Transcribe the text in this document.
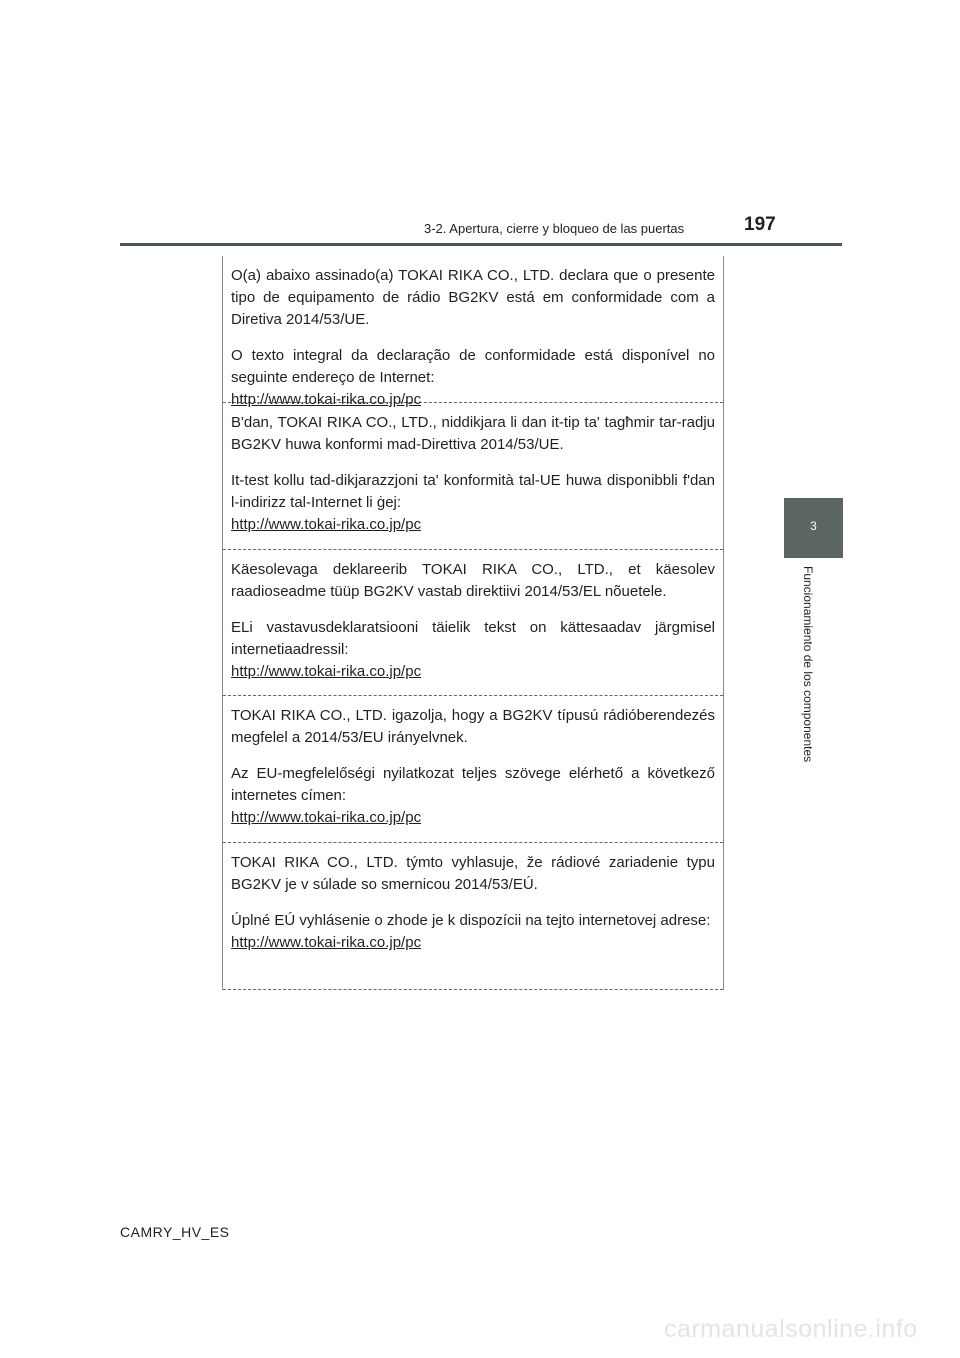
3-2. Apertura, cierre y bloqueo de las puertas	197
3
Funcionamiento de los componentes

O(a) abaixo assinado(a) TOKAI RIKA CO., LTD. declara que o presente tipo de equipamento de rádio BG2KV está em conformidade com a Diretiva 2014/53/UE.

O texto integral da declaração de conformidade está disponível no seguinte endereço de Internet:

http://www.tokai-rika.co.jp/pc

B'dan, TOKAI RIKA CO., LTD., niddikjara li dan it-tip ta' tagħmir tar-radju BG2KV huwa konformi mad-Direttiva 2014/53/UE.

It-test kollu tad-dikjarazzjoni ta' konformità tal-UE huwa disponibbli f'dan l-indirizz tal-Internet li ġej:

http://www.tokai-rika.co.jp/pc

Käesolevaga deklareerib TOKAI RIKA CO., LTD., et käesolev raadioseadme tüüp BG2KV vastab direktiivi 2014/53/EL nõuetele.

ELi vastavusdeklaratsiooni täielik tekst on kättesaadav järgmisel internetiaadressil:

http://www.tokai-rika.co.jp/pc

TOKAI RIKA CO., LTD. igazolja, hogy a BG2KV típusú rádióberendezés megfelel a 2014/53/EU irányelvnek.

Az EU-megfelelőségi nyilatkozat teljes szövege elérhető a következő internetes címen:

http://www.tokai-rika.co.jp/pc

TOKAI RIKA CO., LTD. týmto vyhlasuje, že rádiové zariadenie typu BG2KV je v súlade so smernicou 2014/53/EÚ.

Úplné EÚ vyhlásenie o zhode je k dispozícii na tejto internetovej adrese:

http://www.tokai-rika.co.jp/pc
CAMRY_HV_ES
carmanualsonline.info
